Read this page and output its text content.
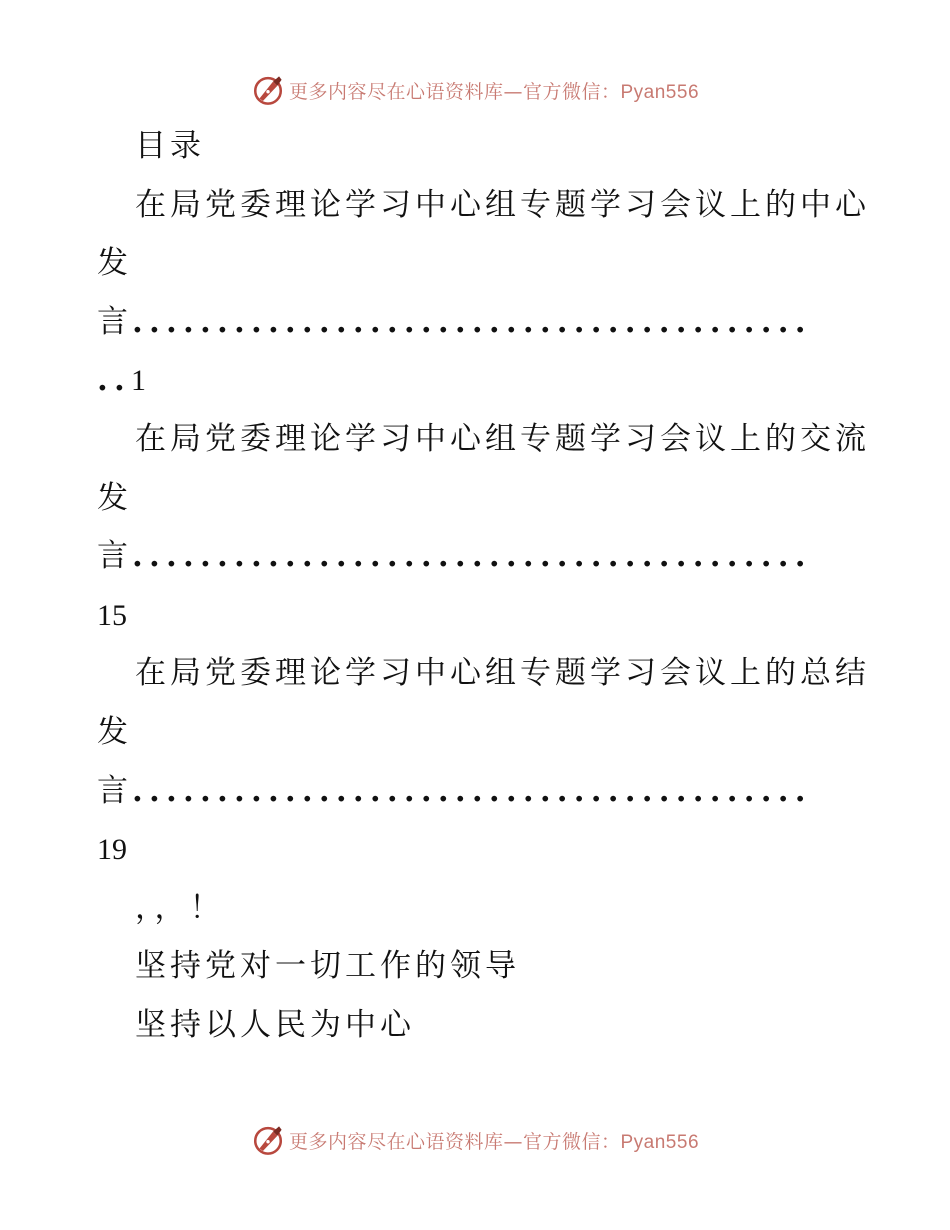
更多内容尽在心语资料库—官方微信：Pyan556
目录
在局党委理论学习中心组专题学习会议上的中心
发
言........................................
..1
在局党委理论学习中心组专题学习会议上的交流
发
言........................................
15
在局党委理论学习中心组专题学习会议上的总结
发
言........................................
19
，，！
坚持党对一切工作的领导
坚持以人民为中心
更多内容尽在心语资料库—官方微信：Pyan556
